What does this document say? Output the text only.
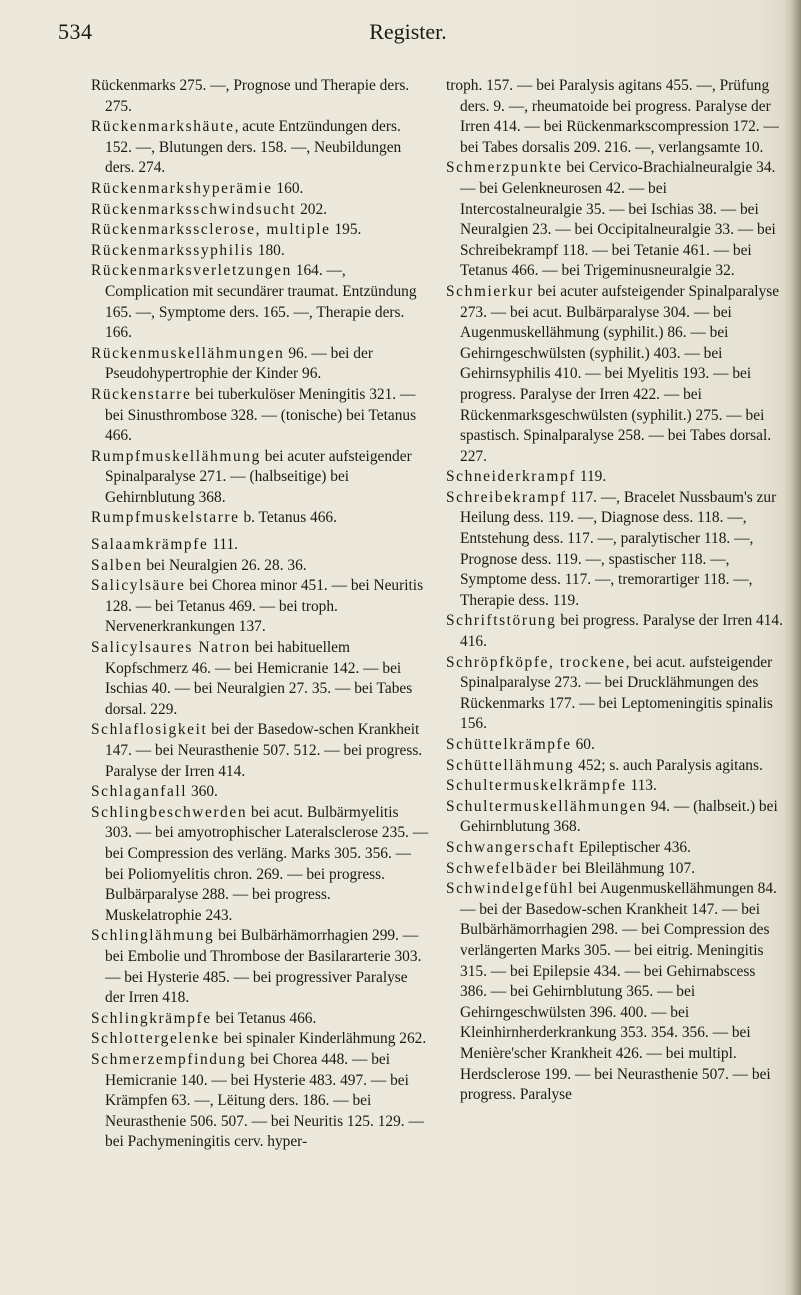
534	Register.

Rückenmarks 275. —, Prognose und Therapie ders. 275.

Rückenmarkshäute, acute Entzündungen ders. 152. —, Blutungen ders. 158. —, Neubildungen ders. 274.

Rückenmarkshyperämie 160.

Rückenmarksschwindsucht 202.

Rückenmarkssclerose, multiple 195.

Rückenmarkssyphilis 180.

Rückenmarksverletzungen 164. —, Complication mit secundärer traumat. Entzündung 165. —, Symptome ders. 165. —, Therapie ders. 166.

Rückenmuskellähmungen 96. — bei der Pseudohypertrophie der Kinder 96.

Rückenstarre bei tuberkulöser Meningitis 321. — bei Sinusthrombose 328. — (tonische) bei Tetanus 466.

Rumpfmuskellähmung bei acuter aufsteigender Spinalparalyse 271. — (halbseitige) bei Gehirnblutung 368.

Rumpfmuskelstarre b. Tetanus 466.

Salaamkrämpfe 111.

Salben bei Neuralgien 26. 28. 36.

Salicylsäure bei Chorea minor 451. — bei Neuritis 128. — bei Tetanus 469. — bei troph. Nervenerkrankungen 137.

Salicylsaures Natron bei habituellem Kopfschmerz 46. — bei Hemicranie 142. — bei Ischias 40. — bei Neuralgien 27. 35. — bei Tabes dorsal. 229.

Schlaflosigkeit bei der Basedow-schen Krankheit 147. — bei Neurasthenie 507. 512. — bei progress. Paralyse der Irren 414.

Schlaganfall 360.

Schlingbeschwerden bei acut. Bulbärmyelitis 303. — bei amyotrophischer Lateralsclerose 235. — bei Compression des verläng. Marks 305. 356. — bei Poliomyelitis chron. 269. — bei progress. Bulbärparalyse 288. — bei progress. Muskelatrophie 243.

Schlinglähmung bei Bulbärhämorrhagien 299. — bei Embolie und Thrombose der Basilararterie 303. — bei Hysterie 485. — bei progressiver Paralyse der Irren 418.

Schlingkrämpfe bei Tetanus 466.

Schlottergelenke bei spinaler Kinderlähmung 262.

Schmerzempfindung bei Chorea 448. — bei Hemicranie 140. — bei Hysterie 483. 497. — bei Krämpfen 63. —, Lëitung ders. 186. — bei Neurasthenie 506. 507. — bei Neuritis 125. 129. — bei Pachymeningitis cerv. hyper-

troph. 157. — bei Paralysis agitans 455. —, Prüfung ders. 9. —, rheumatoide bei progress. Paralyse der Irren 414. — bei Rückenmarkscompression 172. — bei Tabes dorsalis 209. 216. —, verlangsamte 10.

Schmerzpunkte bei Cervico-Brachialneuralgie 34. — bei Gelenkneurosen 42. — bei Intercostalneuralgie 35. — bei Ischias 38. — bei Neuralgien 23. — bei Occipitalneuralgie 33. — bei Schreibekrampf 118. — bei Tetanie 461. — bei Tetanus 466. — bei Trigeminusneuralgie 32.

Schmierkur bei acuter aufsteigender Spinalparalyse 273. — bei acut. Bulbärparalyse 304. — bei Augenmuskellähmung (syphilit.) 86. — bei Gehirngeschwülsten (syphilit.) 403. — bei Gehirnsyphilis 410. — bei Myelitis 193. — bei progress. Paralyse der Irren 422. — bei Rückenmarksgeschwülsten (syphilit.) 275. — bei spastisch. Spinalparalyse 258. — bei Tabes dorsal. 227.

Schneiderkrampf 119.

Schreibekrampf 117. —, Bracelet Nussbaum's zur Heilung dess. 119. —, Diagnose dess. 118. —, Entstehung dess. 117. —, paralytischer 118. —, Prognose dess. 119. —, spastischer 118. —, Symptome dess. 117. —, tremorartiger 118. —, Therapie dess. 119.

Schriftstörung bei progress. Paralyse der Irren 414. 416.

Schröpfköpfe, trockene, bei acut. aufsteigender Spinalparalyse 273. — bei Drucklähmungen des Rückenmarks 177. — bei Leptomeningitis spinalis 156.

Schüttelkrämpfe 60.

Schüttellähmung 452; s. auch Paralysis agitans.

Schultermuskelkrämpfe 113.

Schultermuskellähmungen 94. — (halbseit.) bei Gehirnblutung 368.

Schwangerschaft Epileptischer 436.

Schwefelbäder bei Bleilähmung 107.

Schwindelgefühl bei Augenmuskellähmungen 84. — bei der Basedow-schen Krankheit 147. — bei Bulbärhämorrhagien 298. — bei Compression des verlängerten Marks 305. — bei eitrig. Meningitis 315. — bei Epilepsie 434. — bei Gehirnabscess 386. — bei Gehirnblutung 365. — bei Gehirngeschwülsten 396. 400. — bei Kleinhirnherderkrankung 353. 354. 356. — bei Menière'scher Krankheit 426. — bei multipl. Herdsclerose 199. — bei Neurasthenie 507. — bei progress. Paralyse
